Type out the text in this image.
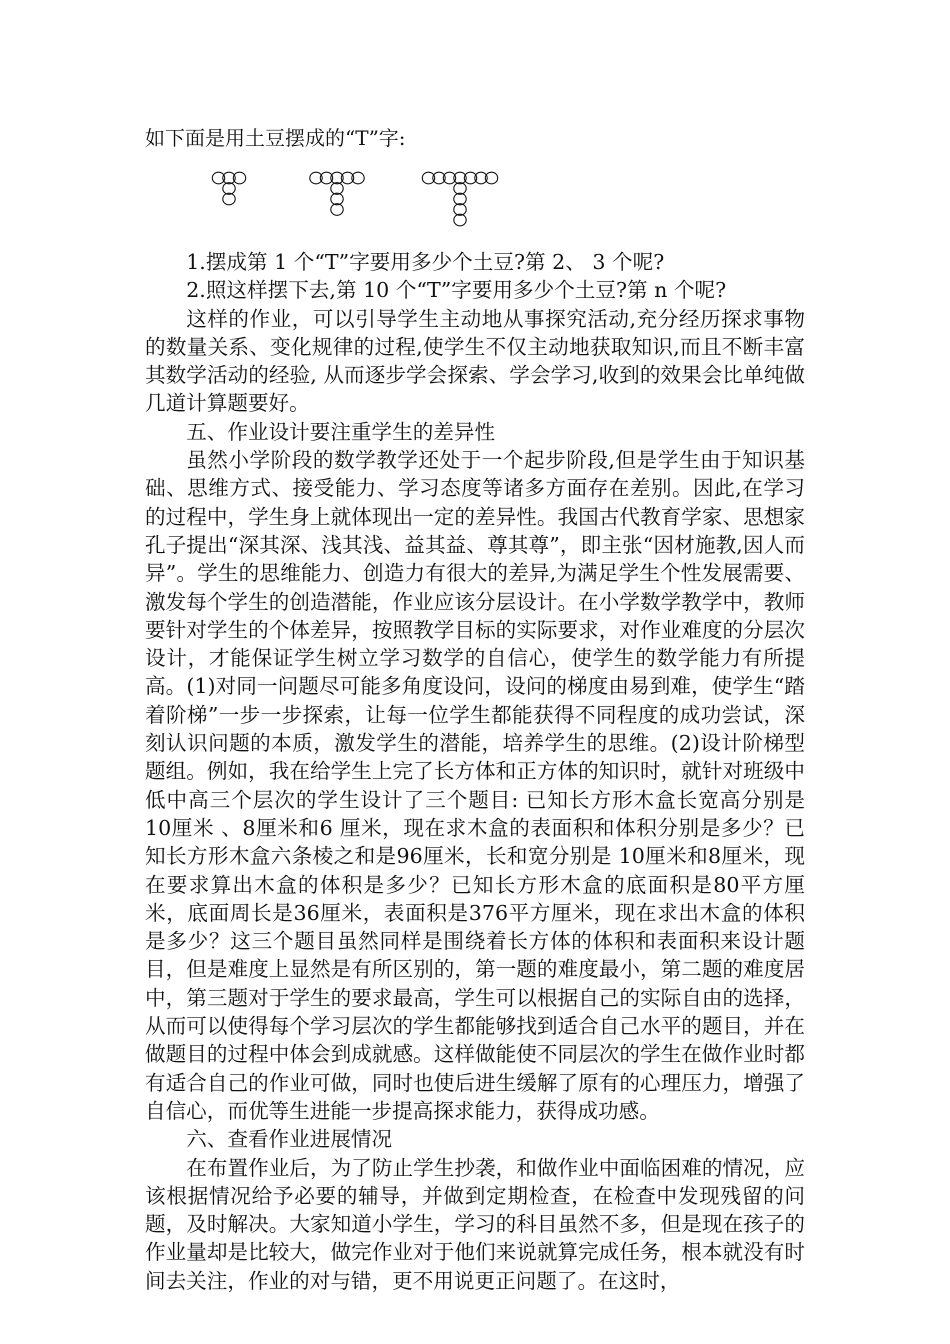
如下面是用土豆摆成的“T”字:

1.摆成第 1 个“T”字要用多少个土豆?第 2、 3 个呢?

2.照这样摆下去,第 10 个“T”字要用多少个土豆?第 n 个呢?

这样的作业，可以引导学生主动地从事探究活动,充分经历探求事物的数量关系、变化规律的过程,使学生不仅主动地获取知识,而且不断丰富其数学活动的经验, 从而逐步学会探索、学会学习,收到的效果会比单纯做几道计算题要好。

五、作业设计要注重学生的差异性

虽然小学阶段的数学教学还处于一个起步阶段,但是学生由于知识基础、思维方式、接受能力、学习态度等诸多方面存在差别。因此,在学习的过程中，学生身上就体现出一定的差异性。我国古代教育学家、思想家孔子提出“深其深、浅其浅、益其益、尊其尊”，即主张“因材施教,因人而异”。学生的思维能力、创造力有很大的差异,为满足学生个性发展需要、激发每个学生的创造潜能，作业应该分层设计。在小学数学教学中，教师要针对学生的个体差异，按照教学目标的实际要求，对作业难度的分层次设计，才能保证学生树立学习数学的自信心，使学生的数学能力有所提高。(1)对同一问题尽可能多角度设问，设问的梯度由易到难，使学生“踏着阶梯”一步一步探索，让每一位学生都能获得不同程度的成功尝试，深刻认识问题的本质，激发学生的潜能，培养学生的思维。(2)设计阶梯型题组。例如，我在给学生上完了长方体和正方体的知识时，就针对班级中低中高三个层次的学生设计了三个题目: 已知长方形木盒长宽高分别是 10厘米 、8厘米和6 厘米，现在求木盒的表面积和体积分别是多少？已知长方形木盒六条棱之和是96厘米，长和宽分别是 10厘米和8厘米，现在要求算出木盒的体积是多少？已知长方形木盒的底面积是80平方厘米，底面周长是36厘米，表面积是376平方厘米，现在求出木盒的体积是多少？这三个题目虽然同样是围绕着长方体的体积和表面积来设计题目，但是难度上显然是有所区别的，第一题的难度最小，第二题的难度居中，第三题对于学生的要求最高，学生可以根据自己的实际自由的选择，从而可以使得每个学习层次的学生都能够找到适合自己水平的题目，并在做题目的过程中体会到成就感。这样做能使不同层次的学生在做作业时都有适合自己的作业可做，同时也使后进生缓解了原有的心理压力，增强了自信心，而优等生进能一步提高探求能力，获得成功感。

六、查看作业进展情况

在布置作业后，为了防止学生抄袭，和做作业中面临困难的情况，应该根据情况给予必要的辅导，并做到定期检查，在检查中发现残留的问题，及时解决。大家知道小学生，学习的科目虽然不多，但是现在孩子的作业量却是比较大，做完作业对于他们来说就算完成任务，根本就没有时间去关注，作业的对与错，更不用说更正问题了。在这时，
